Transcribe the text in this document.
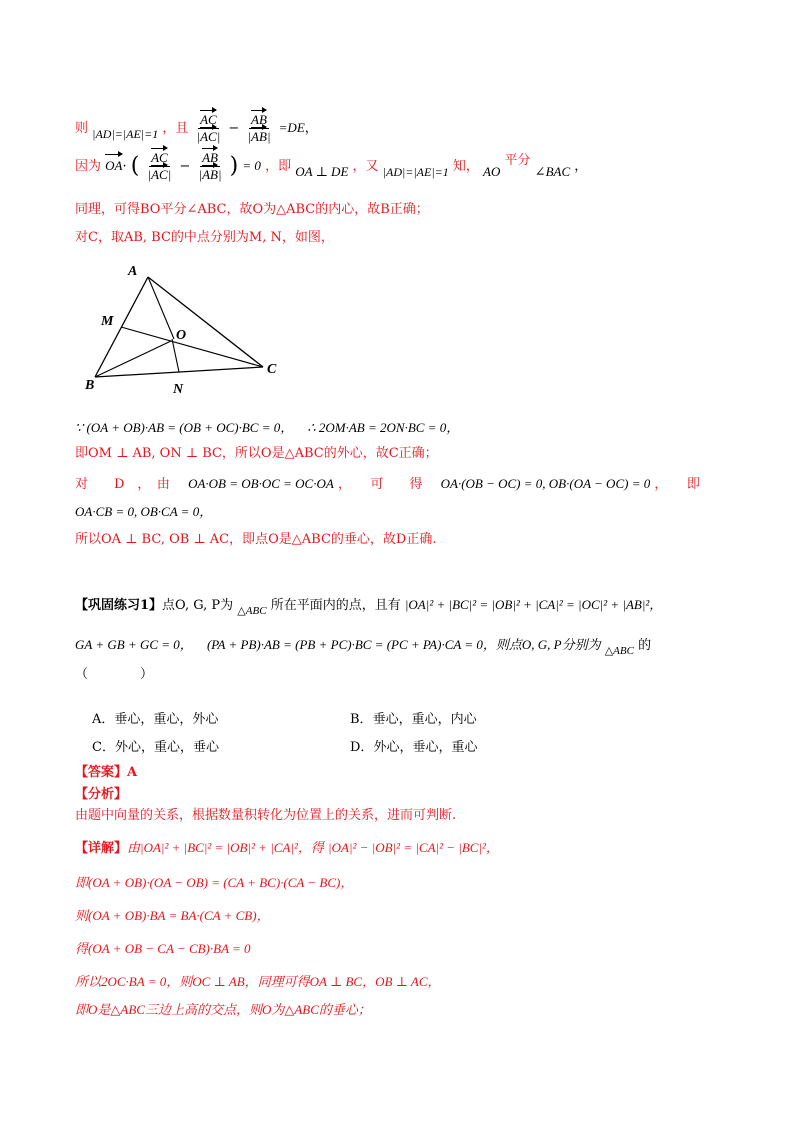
则 |AD|=|AE|=1 ，且 $\frac{AC}{|AC|} - \frac{AB}{|AB|} =DE$，
因为 OA· ( $\frac{AC}{|AC|} - \frac{AB}{|AB|}$ ) = 0 ，即 OA ⊥ DE ，又 |AD|=|AE|=1 知， AO 平分 ∠BAC ，
同理，可得BO平分∠ABC，故O为△ABC的内心，故B正确；
对C，取AB, BC的中点分别为M, N，如图，
A
M
O
B	N
C
∵ (OA + OB)·AB = (OB + OC)·BC = 0， ∴ 2OM·AB = 2ON·BC = 0，
即OM ⊥ AB, ON ⊥ BC，所以O是△ABC的外心，故C正确；
对　　D　，　由 OA·OB = OB·OC = OC·OA ，　　可　　得 OA·(OB − OC) = 0, OB·(OA − OC) = 0 ，　　即
OA·CB = 0, OB·CA = 0，
所以OA ⊥ BC, OB ⊥ AC，即点O是△ABC的垂心，故D正确.
【巩固练习1】点O, G, P为 $_{\triangle ABC}$ 所在平面内的点，且有 |OA|² + |BC|² = |OB|² + |CA|² = |OC|² + |AB|²，
GA + GB + GC = 0， (PA + PB)·AB = (PB + PC)·BC = (PC + PA)·CA = 0，则点O, G, P分别为 $_{\triangle ABC}$ 的
（　　　　）
A．垂心，重心，外心	B．垂心，重心，内心
C．外心，重心，垂心	D．外心，垂心，重心
【答案】A
【分析】
由题中向量的关系，根据数量积转化为位置上的关系，进而可判断.
【详解】由|OA|² + |BC|² = |OB|² + |CA|²，得 |OA|² − |OB|² = |CA|² − |BC|²，
即(OA + OB)·(OA − OB) = (CA + BC)·(CA − BC)，
则(OA + OB)·BA = BA·(CA + CB)，
得(OA + OB − CA − CB)·BA = 0
所以2OC·BA = 0，则OC ⊥ AB，同理可得OA ⊥ BC，OB ⊥ AC，
即O是△ABC三边上高的交点，则O为△ABC的垂心；
